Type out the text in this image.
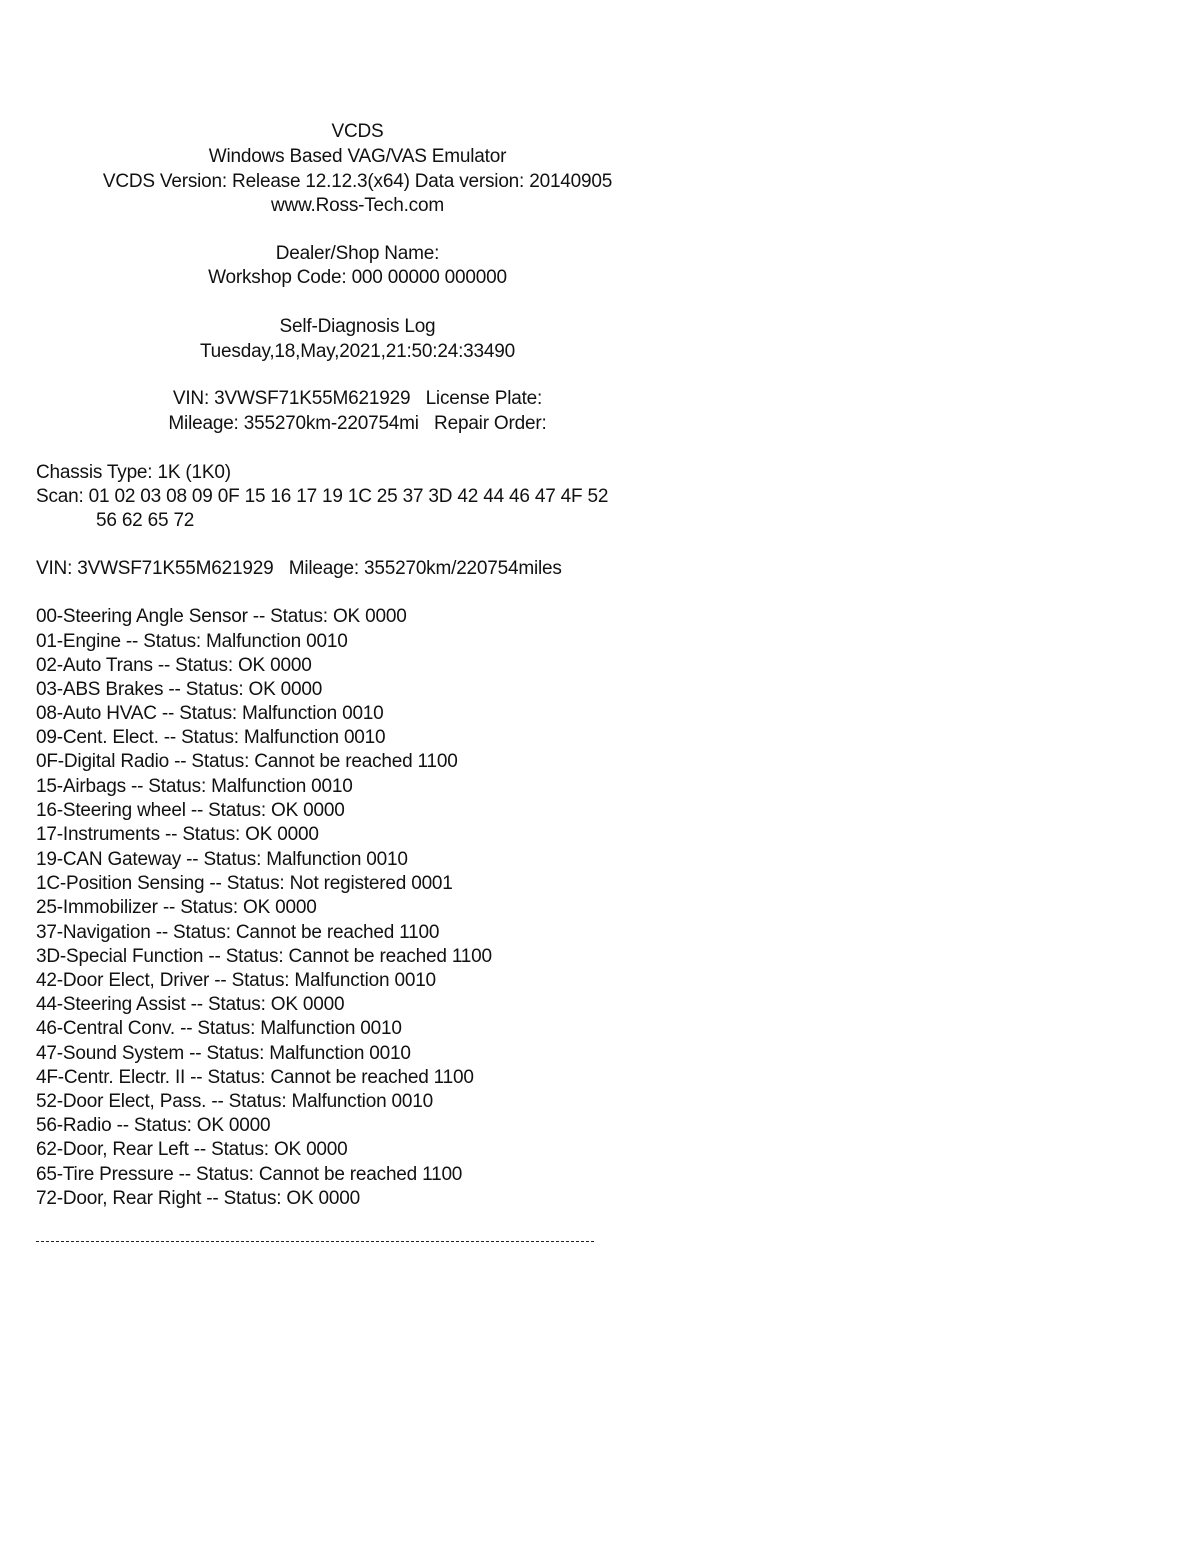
VCDS
Windows Based VAG/VAS Emulator
VCDS Version: Release 12.12.3(x64) Data version: 20140905
www.Ross-Tech.com
Dealer/Shop Name:
Workshop Code: 000 00000 000000
Self-Diagnosis Log
Tuesday,18,May,2021,21:50:24:33490
VIN: 3VWSF71K55M621929   License Plate:
Mileage: 355270km-220754mi   Repair Order:
Chassis Type: 1K (1K0)
Scan: 01 02 03 08 09 0F 15 16 17 19 1C 25 37 3D 42 44 46 47 4F 52
56 62 65 72
VIN: 3VWSF71K55M621929   Mileage: 355270km/220754miles
00-Steering Angle Sensor -- Status: OK 0000
01-Engine -- Status: Malfunction 0010
02-Auto Trans -- Status: OK 0000
03-ABS Brakes -- Status: OK 0000
08-Auto HVAC -- Status: Malfunction 0010
09-Cent. Elect. -- Status: Malfunction 0010
0F-Digital Radio -- Status: Cannot be reached 1100
15-Airbags -- Status: Malfunction 0010
16-Steering wheel -- Status: OK 0000
17-Instruments -- Status: OK 0000
19-CAN Gateway -- Status: Malfunction 0010
1C-Position Sensing -- Status: Not registered 0001
25-Immobilizer -- Status: OK 0000
37-Navigation -- Status: Cannot be reached 1100
3D-Special Function -- Status: Cannot be reached 1100
42-Door Elect, Driver -- Status: Malfunction 0010
44-Steering Assist -- Status: OK 0000
46-Central Conv. -- Status: Malfunction 0010
47-Sound System -- Status: Malfunction 0010
4F-Centr. Electr. II -- Status: Cannot be reached 1100
52-Door Elect, Pass. -- Status: Malfunction 0010
56-Radio -- Status: OK 0000
62-Door, Rear Left -- Status: OK 0000
65-Tire Pressure -- Status: Cannot be reached 1100
72-Door, Rear Right -- Status: OK 0000
